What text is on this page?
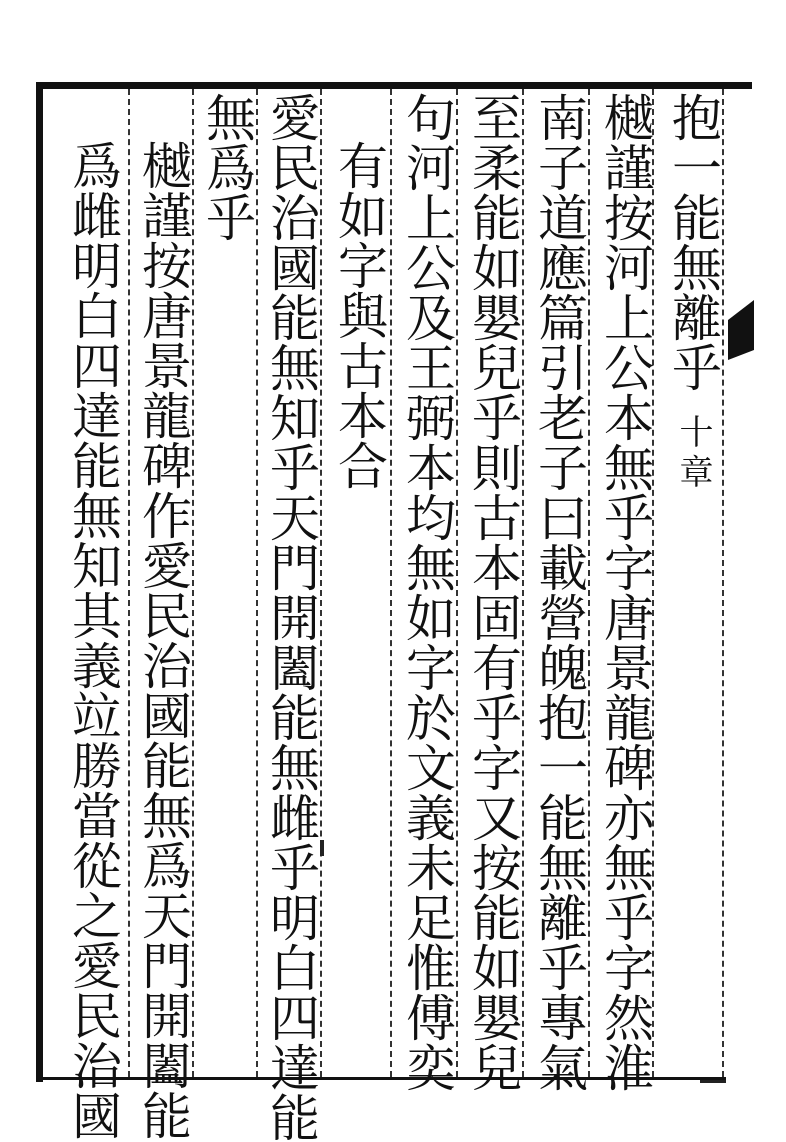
抱一能無離乎十章
樾謹按河上公本無乎字唐景龍碑亦無乎字然淮
南子道應篇引老子曰載營魄抱一能無離乎專氣
至柔能如嬰兒乎則古本固有乎字又按能如嬰兒
句河上公及王弼本均無如字於文義未足惟傅奕
有如字與古本合
愛民治國能無知乎天門開闔能無雌乎明白四達能
無爲乎
樾謹按唐景龍碑作愛民治國能無爲天門開闔能
爲雌明白四達能無知其義竝勝當從之愛民治國
